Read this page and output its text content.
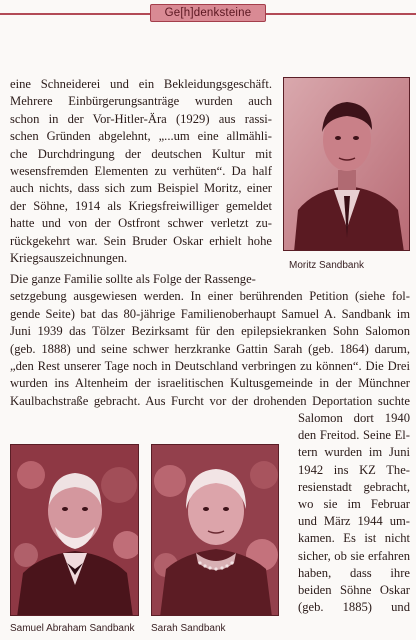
Ge[h]denksteine
eine Schneiderei und ein Bekleidungsgeschäft.
Mehrere Einbürgerungsanträge wurden auch
schon in der Vor-Hitler-Ära (1929) aus rassi-
schen Gründen abgelehnt, „...um eine allmähli-
che Durchdringung der deutschen Kultur mit
wesensfremden Elementen zu verhüten“. Da half
auch nichts, dass sich zum Beispiel Moritz, einer
der Söhne, 1914 als Kriegsfreiwilliger gemeldet
hatte und von der Ostfront schwer verletzt zu-
rückgekehrt war. Sein Bruder Oskar erhielt hohe
Kriegsauszeichnungen.
Moritz Sandbank
Die ganze Familie sollte als Folge der Rassenge-
setzgebung ausgewiesen werden. In einer berührenden Petition (siehe fol-
gende Seite) bat das 80-jährige Familienoberhaupt Samuel A. Sandbank im
Juni 1939 das Tölzer Bezirksamt für den epilepsiekranken Sohn Salomon
(geb. 1888) und seine schwer herzkranke Gattin Sarah (geb. 1864) darum,
„den Rest unserer Tage noch in Deutschland verbringen zu können“. Die Drei
wurden ins Altenheim der israelitischen Kultusgemeinde in der Münchner
Kaulbachstraße gebracht. Aus Furcht vor der drohenden Deportation suchte
Salomon dort 1940
den Freitod. Seine El-
tern wurden im Juni
1942 ins KZ The-
resienstadt gebracht,
wo sie im Februar
und März 1944 um-
kamen. Es ist nicht
sicher, ob sie erfahren
haben, dass ihre
beiden Söhne Oskar
(geb. 1885) und
Samuel Abraham Sandbank Sarah Sandbank
